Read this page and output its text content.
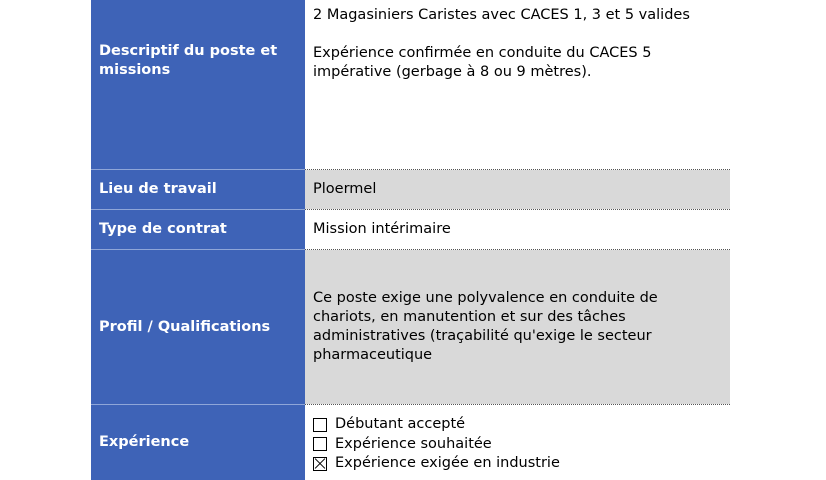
Descriptif du poste et missions

2 Magasiniers Caristes avec CACES 1, 3 et 5 valides

Expérience confirmée en conduite du CACES 5 impérative (gerbage à 8 ou 9 mètres).

Lieu de travail	Ploermel
Type de contrat	Mission intérimaire
Profil / Qualifications

Ce poste exige une polyvalence en conduite de chariots, en manutention et sur des tâches administratives (traçabilité qu'exige le secteur pharmaceutique

Expérience
Débutant accepté
Expérience souhaitée
Expérience exigée en industrie
